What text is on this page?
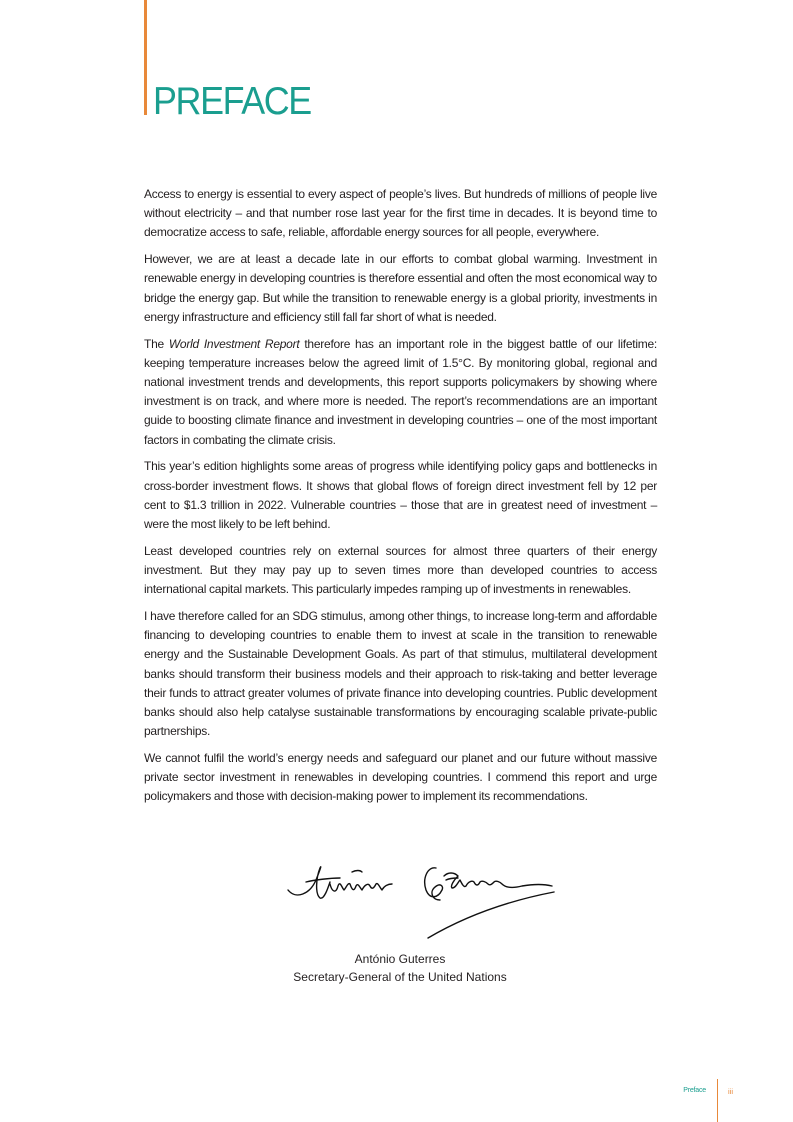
PREFACE

Access to energy is essential to every aspect of people’s lives. But hundreds of millions of people live without electricity – and that number rose last year for the first time in decades. It is beyond time to democratize access to safe, reliable, affordable energy sources for all people, everywhere.

However, we are at least a decade late in our efforts to combat global warming. Investment in renewable energy in developing countries is therefore essential and often the most economical way to bridge the energy gap. But while the transition to renewable energy is a global priority, investments in energy infrastructure and efficiency still fall far short of what is needed.

The World Investment Report therefore has an important role in the biggest battle of our lifetime: keeping temperature increases below the agreed limit of 1.5°C. By monitoring global, regional and national investment trends and developments, this report supports policymakers by showing where investment is on track, and where more is needed. The report’s recommendations are an important guide to boosting climate finance and investment in developing countries – one of the most important factors in combating the climate crisis.

This year’s edition highlights some areas of progress while identifying policy gaps and bottlenecks in cross-border investment flows. It shows that global flows of foreign direct investment fell by 12 per cent to $1.3 trillion in 2022. Vulnerable countries – those that are in greatest need of investment – were the most likely to be left behind.

Least developed countries rely on external sources for almost three quarters of their energy investment. But they may pay up to seven times more than developed countries to access international capital markets. This particularly impedes ramping up of investments in renewables.

I have therefore called for an SDG stimulus, among other things, to increase long-term and affordable financing to developing countries to enable them to invest at scale in the transition to renewable energy and the Sustainable Development Goals. As part of that stimulus, multilateral development banks should transform their business models and their approach to risk-taking and better leverage their funds to attract greater volumes of private finance into developing countries. Public development banks should also help catalyse sustainable transformations by encouraging scalable private-public partnerships.

We cannot fulfil the world’s energy needs and safeguard our planet and our future without massive private sector investment in renewables in developing countries. I commend this report and urge policymakers and those with decision-making power to implement its recommendations.

António Guterres
Secretary-General of the United Nations
Preface	iii
